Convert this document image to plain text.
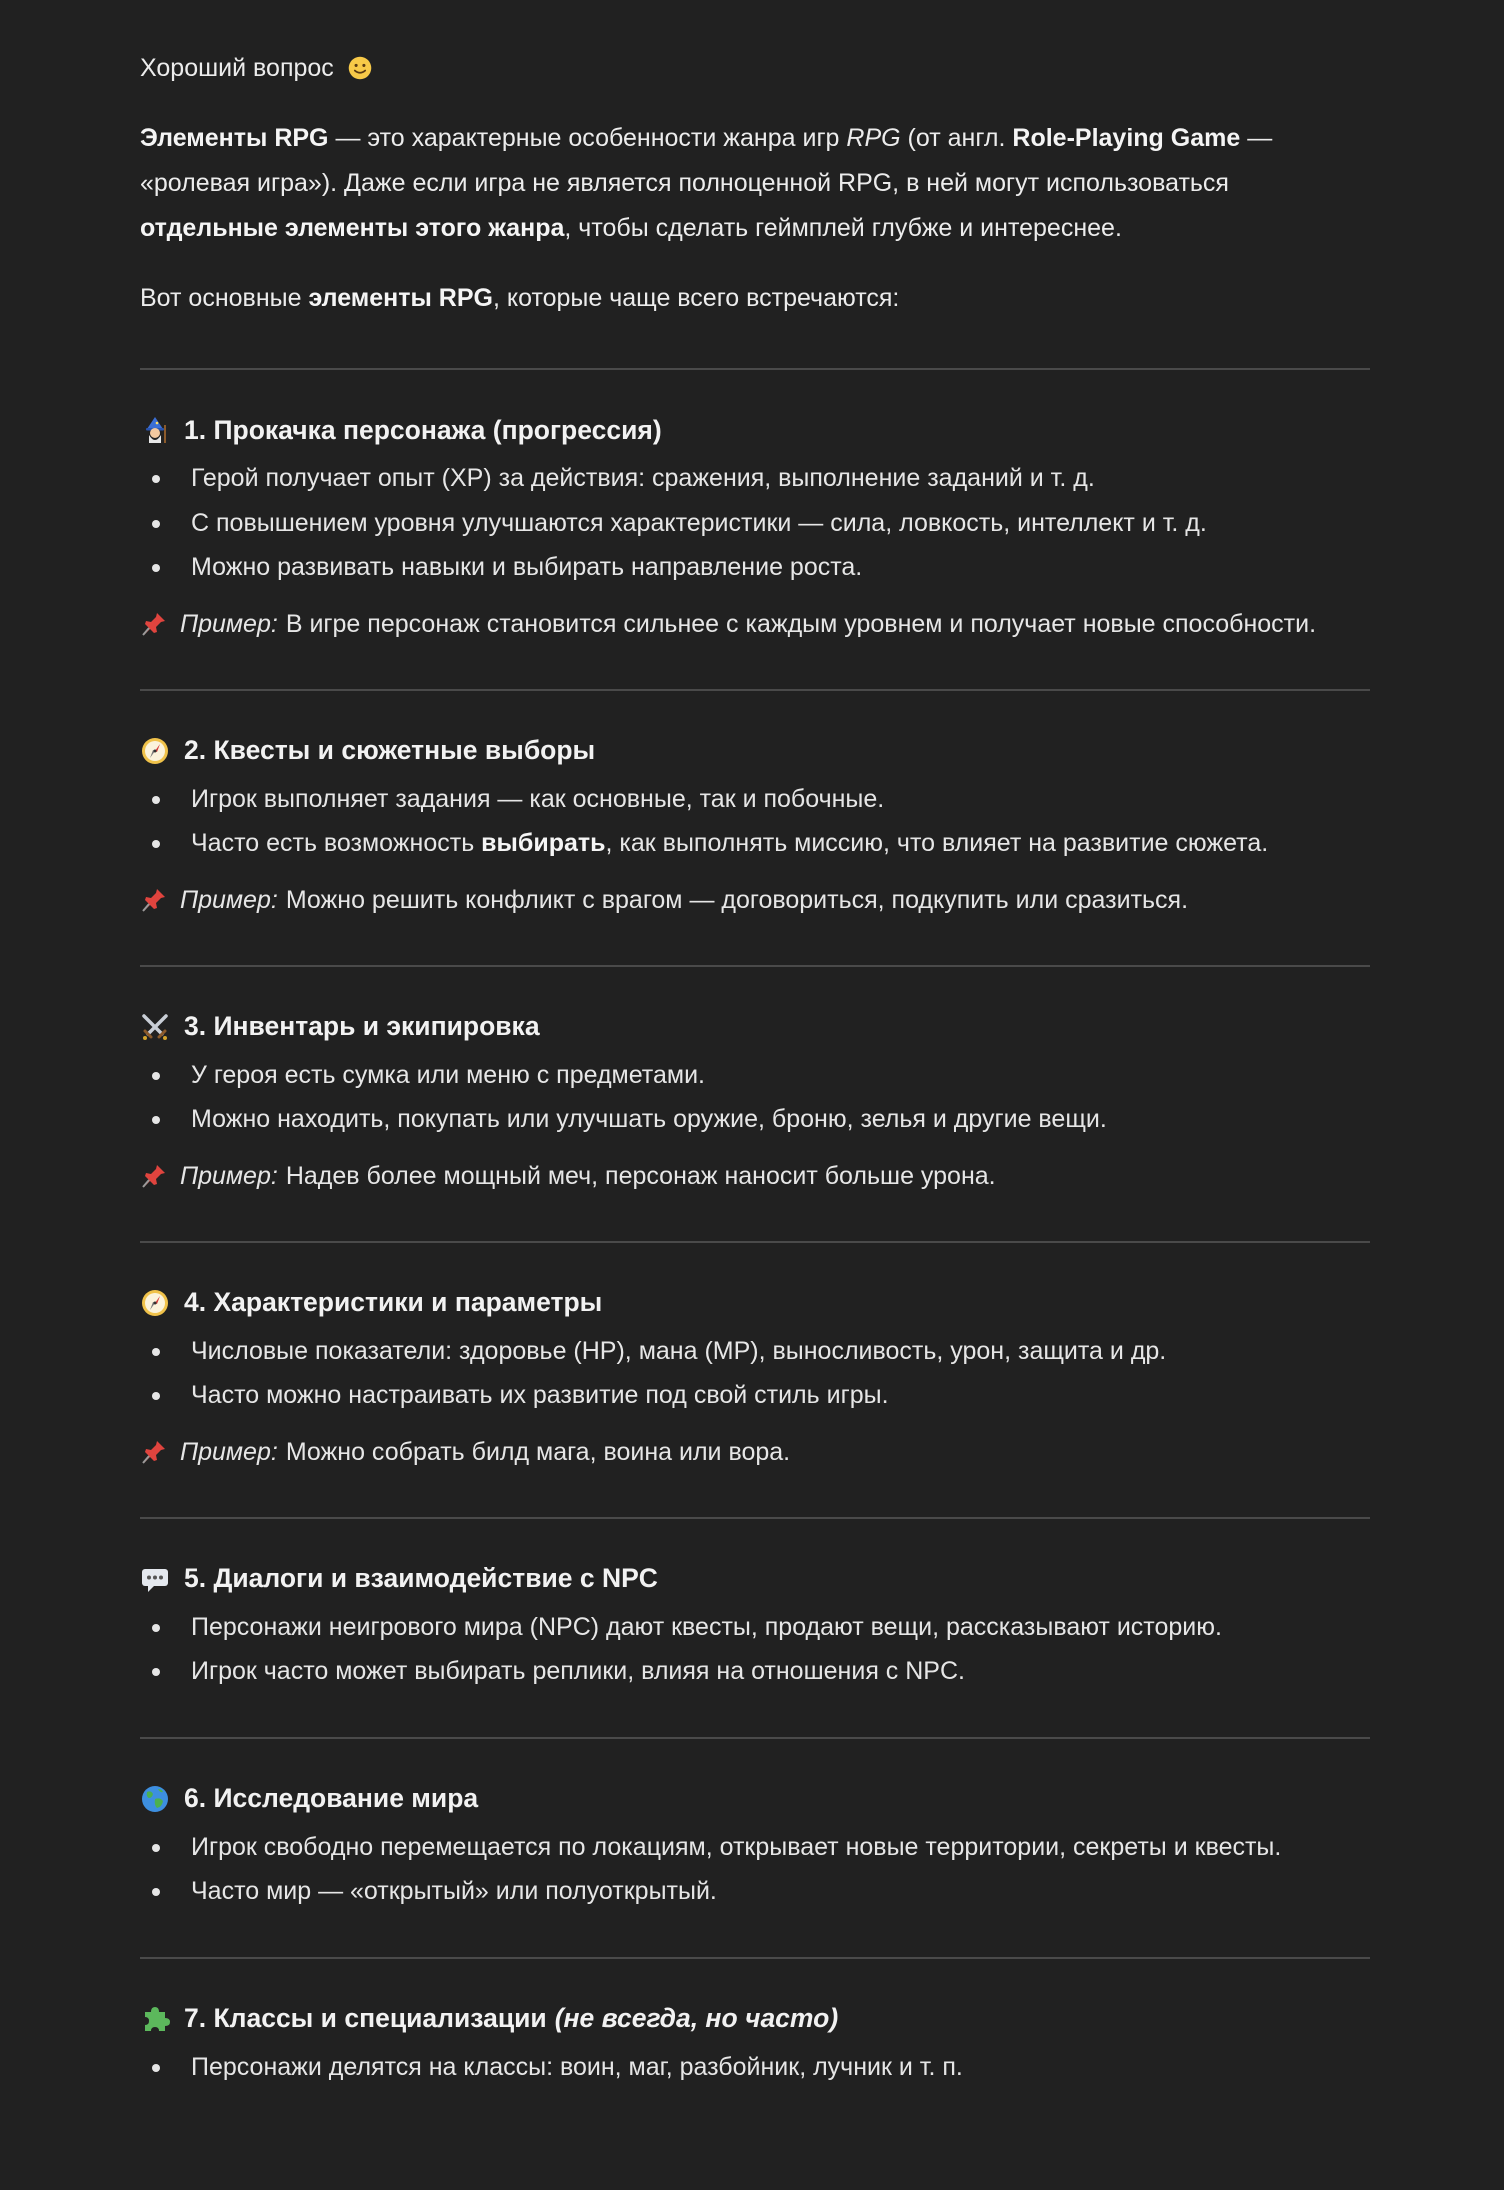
Хороший вопрос

Элементы RPG — это характерные особенности жанра игр RPG (от англ. Role-Playing Game — «ролевая игра»). Даже если игра не является полноценной RPG, в ней могут использоваться отдельные элементы этого жанра, чтобы сделать геймплей глубже и интереснее.

Вот основные элементы RPG, которые чаще всего встречаются:

1. Прокачка персонажа (прогрессия)
Герой получает опыт (XP) за действия: сражения, выполнение заданий и т. д.
С повышением уровня улучшаются характеристики — сила, ловкость, интеллект и т. д.
Можно развивать навыки и выбирать направление роста.
Пример: В игре персонаж становится сильнее с каждым уровнем и получает новые способности.
2. Квесты и сюжетные выборы
Игрок выполняет задания — как основные, так и побочные.
Часто есть возможность выбирать, как выполнять миссию, что влияет на развитие сюжета.
Пример: Можно решить конфликт с врагом — договориться, подкупить или сразиться.
3. Инвентарь и экипировка
У героя есть сумка или меню с предметами.
Можно находить, покупать или улучшать оружие, броню, зелья и другие вещи.
Пример: Надев более мощный меч, персонаж наносит больше урона.
4. Характеристики и параметры
Числовые показатели: здоровье (HP), мана (MP), выносливость, урон, защита и др.
Часто можно настраивать их развитие под свой стиль игры.
Пример: Можно собрать билд мага, воина или вора.
5. Диалоги и взаимодействие с NPC
Персонажи неигрового мира (NPC) дают квесты, продают вещи, рассказывают историю.
Игрок часто может выбирать реплики, влияя на отношения с NPC.
6. Исследование мира
Игрок свободно перемещается по локациям, открывает новые территории, секреты и квесты.
Часто мир — «открытый» или полуоткрытый.
7. Классы и специализации (не всегда, но часто)
Персонажи делятся на классы: воин, маг, разбойник, лучник и т. п.
